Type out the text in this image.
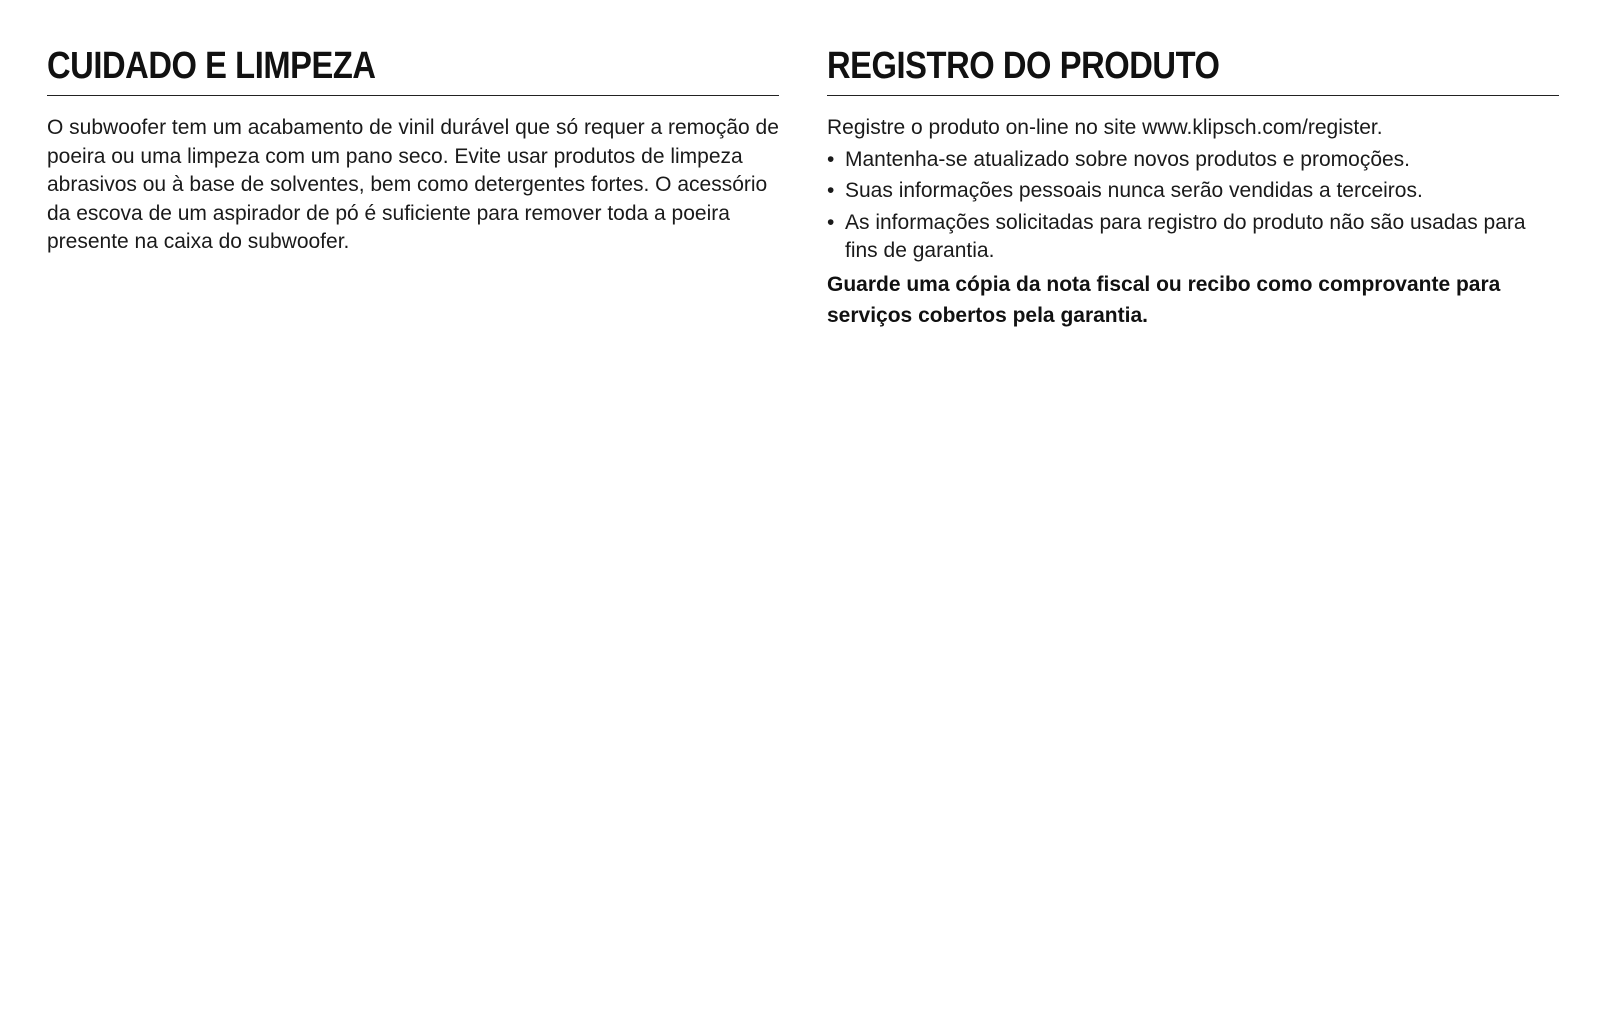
CUIDADO E LIMPEZA

O subwoofer tem um acabamento de vinil durável que só requer a remoção de poeira ou uma limpeza com um pano seco. Evite usar produtos de limpeza abrasivos ou à base de solventes, bem como detergentes fortes. O acessório da escova de um aspirador de pó é suficiente para remover toda a poeira presente na caixa do subwoofer.

REGISTRO DO PRODUTO

Registre o produto on-line no site www.klipsch.com/register.

• Mantenha-se atualizado sobre novos produtos e promoções.
• Suas informações pessoais nunca serão vendidas a terceiros.
• As informações solicitadas para registro do produto não são usadas para fins de garantia.

Guarde uma cópia da nota fiscal ou recibo como comprovante para serviços cobertos pela garantia.
